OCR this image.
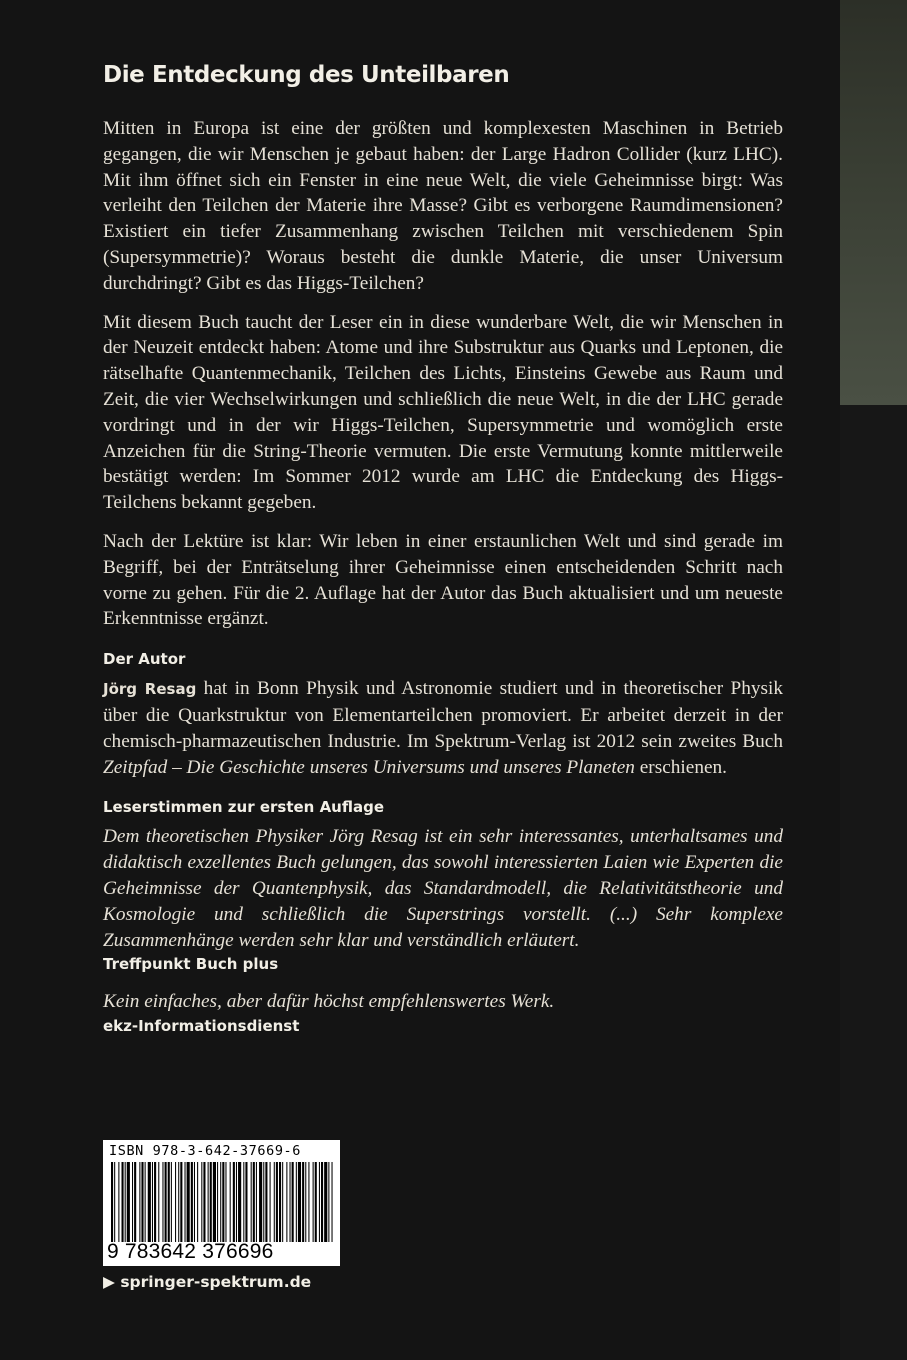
Die Entdeckung des Unteilbaren

Mitten in Europa ist eine der größten und komplexesten Maschinen in Betrieb gegangen, die wir Menschen je gebaut haben: der Large Hadron Collider (kurz LHC). Mit ihm öffnet sich ein Fenster in eine neue Welt, die viele Geheimnisse birgt: Was verleiht den Teilchen der Materie ihre Masse? Gibt es verborgene Raumdimensionen? Existiert ein tiefer Zusammenhang zwischen Teilchen mit verschiedenem Spin (Supersymmetrie)? Woraus besteht die dunkle Materie, die unser Universum durchdringt? Gibt es das Higgs-Teilchen?

Mit diesem Buch taucht der Leser ein in diese wunderbare Welt, die wir Menschen in der Neuzeit entdeckt haben: Atome und ihre Substruktur aus Quarks und Leptonen, die rätselhafte Quantenmechanik, Teilchen des Lichts, Einsteins Gewebe aus Raum und Zeit, die vier Wechselwirkungen und schließlich die neue Welt, in die der LHC gerade vordringt und in der wir Higgs-Teilchen, Supersymmetrie und womöglich erste Anzeichen für die String-Theorie vermuten. Die erste Vermutung konnte mittlerweile bestätigt werden: Im Sommer 2012 wurde am LHC die Entdeckung des Higgs-Teilchens bekannt gegeben.

Nach der Lektüre ist klar: Wir leben in einer erstaunlichen Welt und sind gerade im Begriff, bei der Enträtselung ihrer Geheimnisse einen entscheidenden Schritt nach vorne zu gehen. Für die 2. Auflage hat der Autor das Buch aktualisiert und um neueste Erkenntnisse ergänzt.

Der Autor

Jörg Resag hat in Bonn Physik und Astronomie studiert und in theoretischer Physik über die Quarkstruktur von Elementarteilchen promoviert. Er arbeitet derzeit in der chemisch-pharmazeutischen Industrie. Im Spektrum-Verlag ist 2012 sein zweites Buch Zeitpfad – Die Geschichte unseres Universums und unseres Planeten erschienen.

Leserstimmen zur ersten Auflage

Dem theoretischen Physiker Jörg Resag ist ein sehr interessantes, unterhaltsames und didaktisch exzellentes Buch gelungen, das sowohl interessierten Laien wie Experten die Geheimnisse der Quantenphysik, das Standardmodell, die Relativitätstheorie und Kosmologie und schließlich die Superstrings vorstellt. (...) Sehr komplexe Zusammenhänge werden sehr klar und verständlich erläutert.

Treffpunkt Buch plus

Kein einfaches, aber dafür höchst empfehlenswertes Werk.

ekz-Informationsdienst

ISBN 978-3-642-37669-6
9 783642 376696
▶ springer-spektrum.de
